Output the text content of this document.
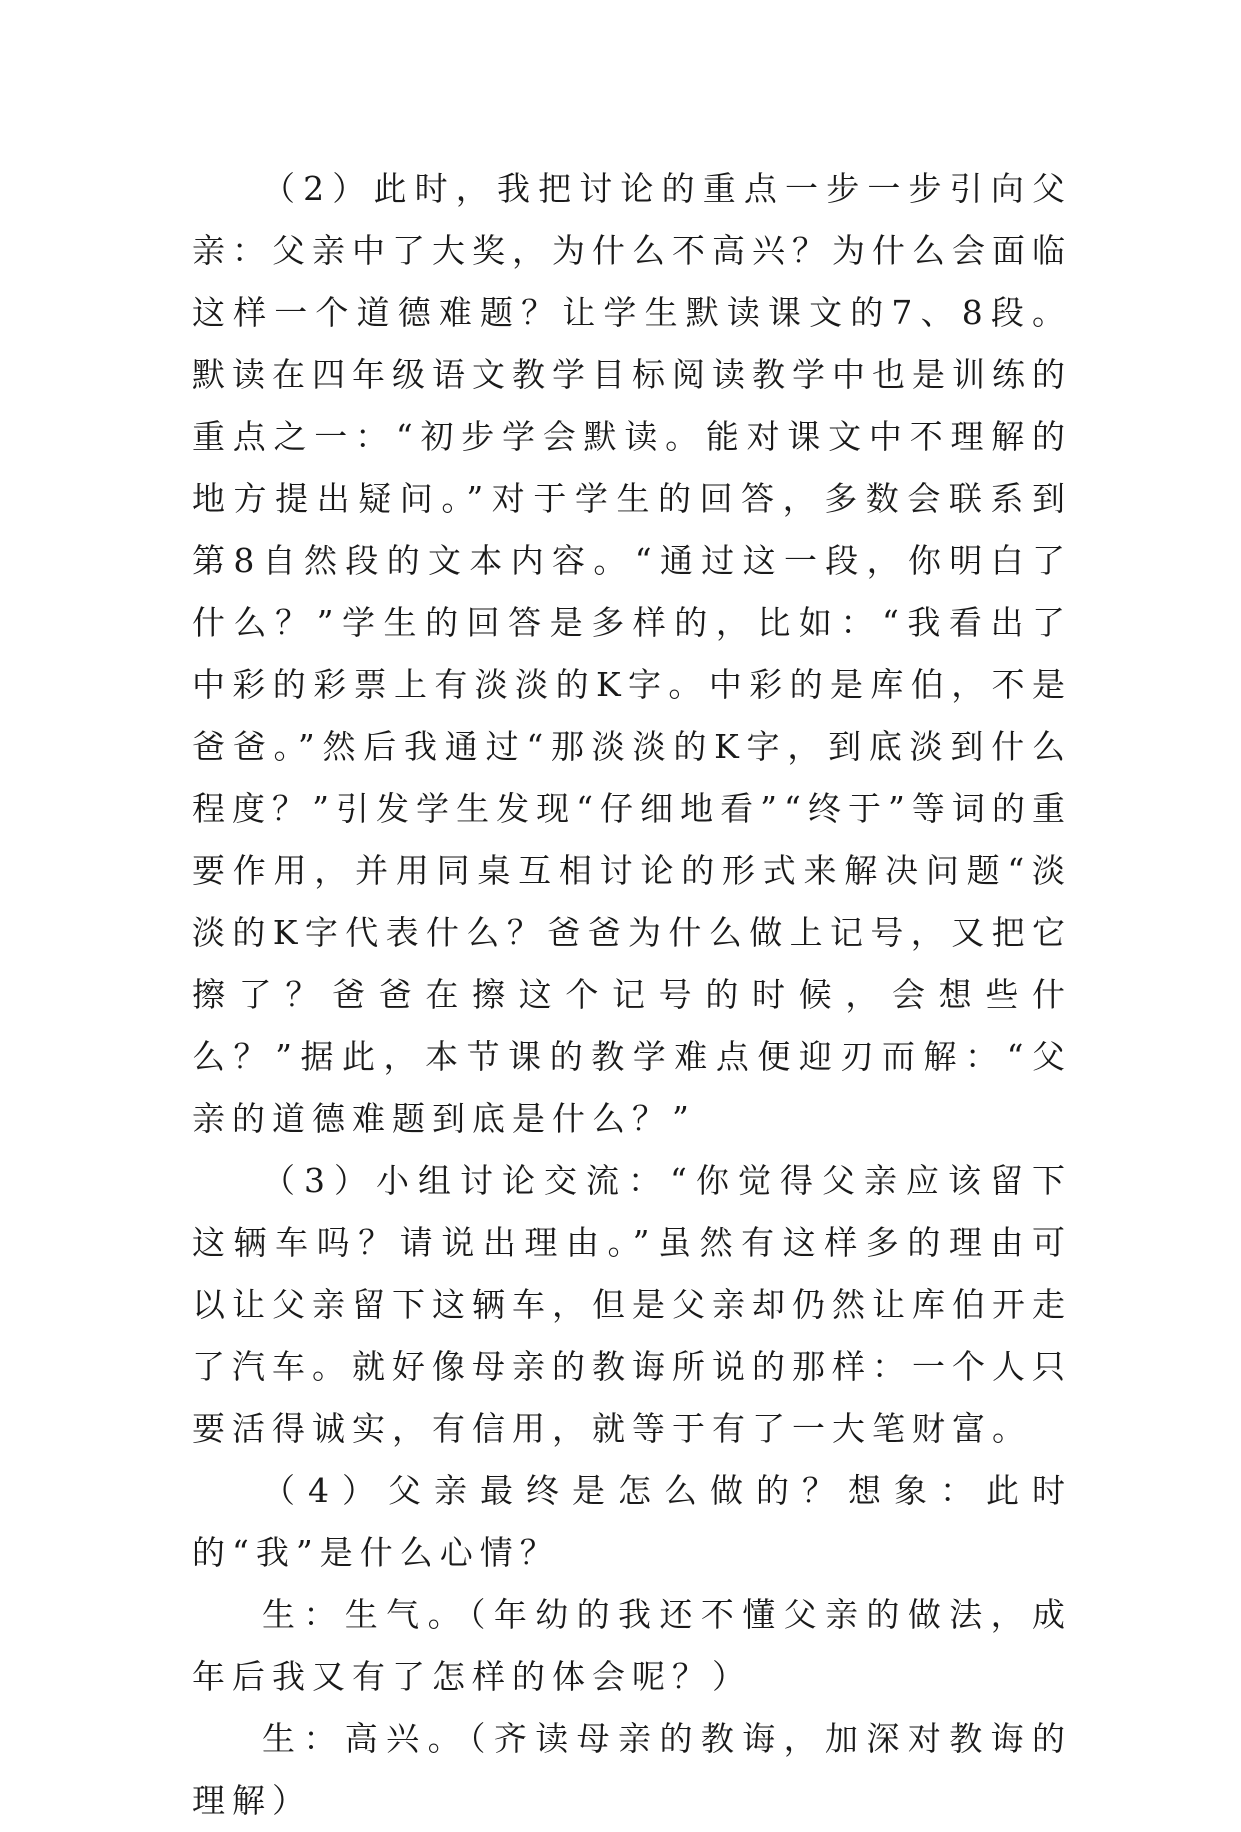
（2）此时，我把讨论的重点一步一步引向父亲：父亲中了大奖，为什么不高兴？为什么会面临这样一个道德难题？让学生默读课文的7、8段。默读在四年级语文教学目标阅读教学中也是训练的重点之一：“初步学会默读。能对课文中不理解的地方提出疑问。”对于学生的回答，多数会联系到第8自然段的文本内容。“通过这一段，你明白了什么？”学生的回答是多样的，比如：“我看出了中彩的彩票上有淡淡的K字。中彩的是库伯，不是爸爸。”然后我通过“那淡淡的K字，到底淡到什么程度？”引发学生发现“仔细地看”“终于”等词的重要作用，并用同桌互相讨论的形式来解决问题“淡淡的K字代表什么？爸爸为什么做上记号，又把它擦了？爸爸在擦这个记号的时候，会想些什么？”据此，本节课的教学难点便迎刃而解：“父亲的道德难题到底是什么？”

（3）小组讨论交流：“你觉得父亲应该留下这辆车吗？请说出理由。”虽然有这样多的理由可以让父亲留下这辆车，但是父亲却仍然让库伯开走了汽车。就好像母亲的教诲所说的那样：一个人只要活得诚实，有信用，就等于有了一大笔财富。

（4）父亲最终是怎么做的？想象：此时的“我”是什么心情？

生：生气。（年幼的我还不懂父亲的做法，成年后我又有了怎样的体会呢？）

生：高兴。（齐读母亲的教诲，加深对教诲的理解）
